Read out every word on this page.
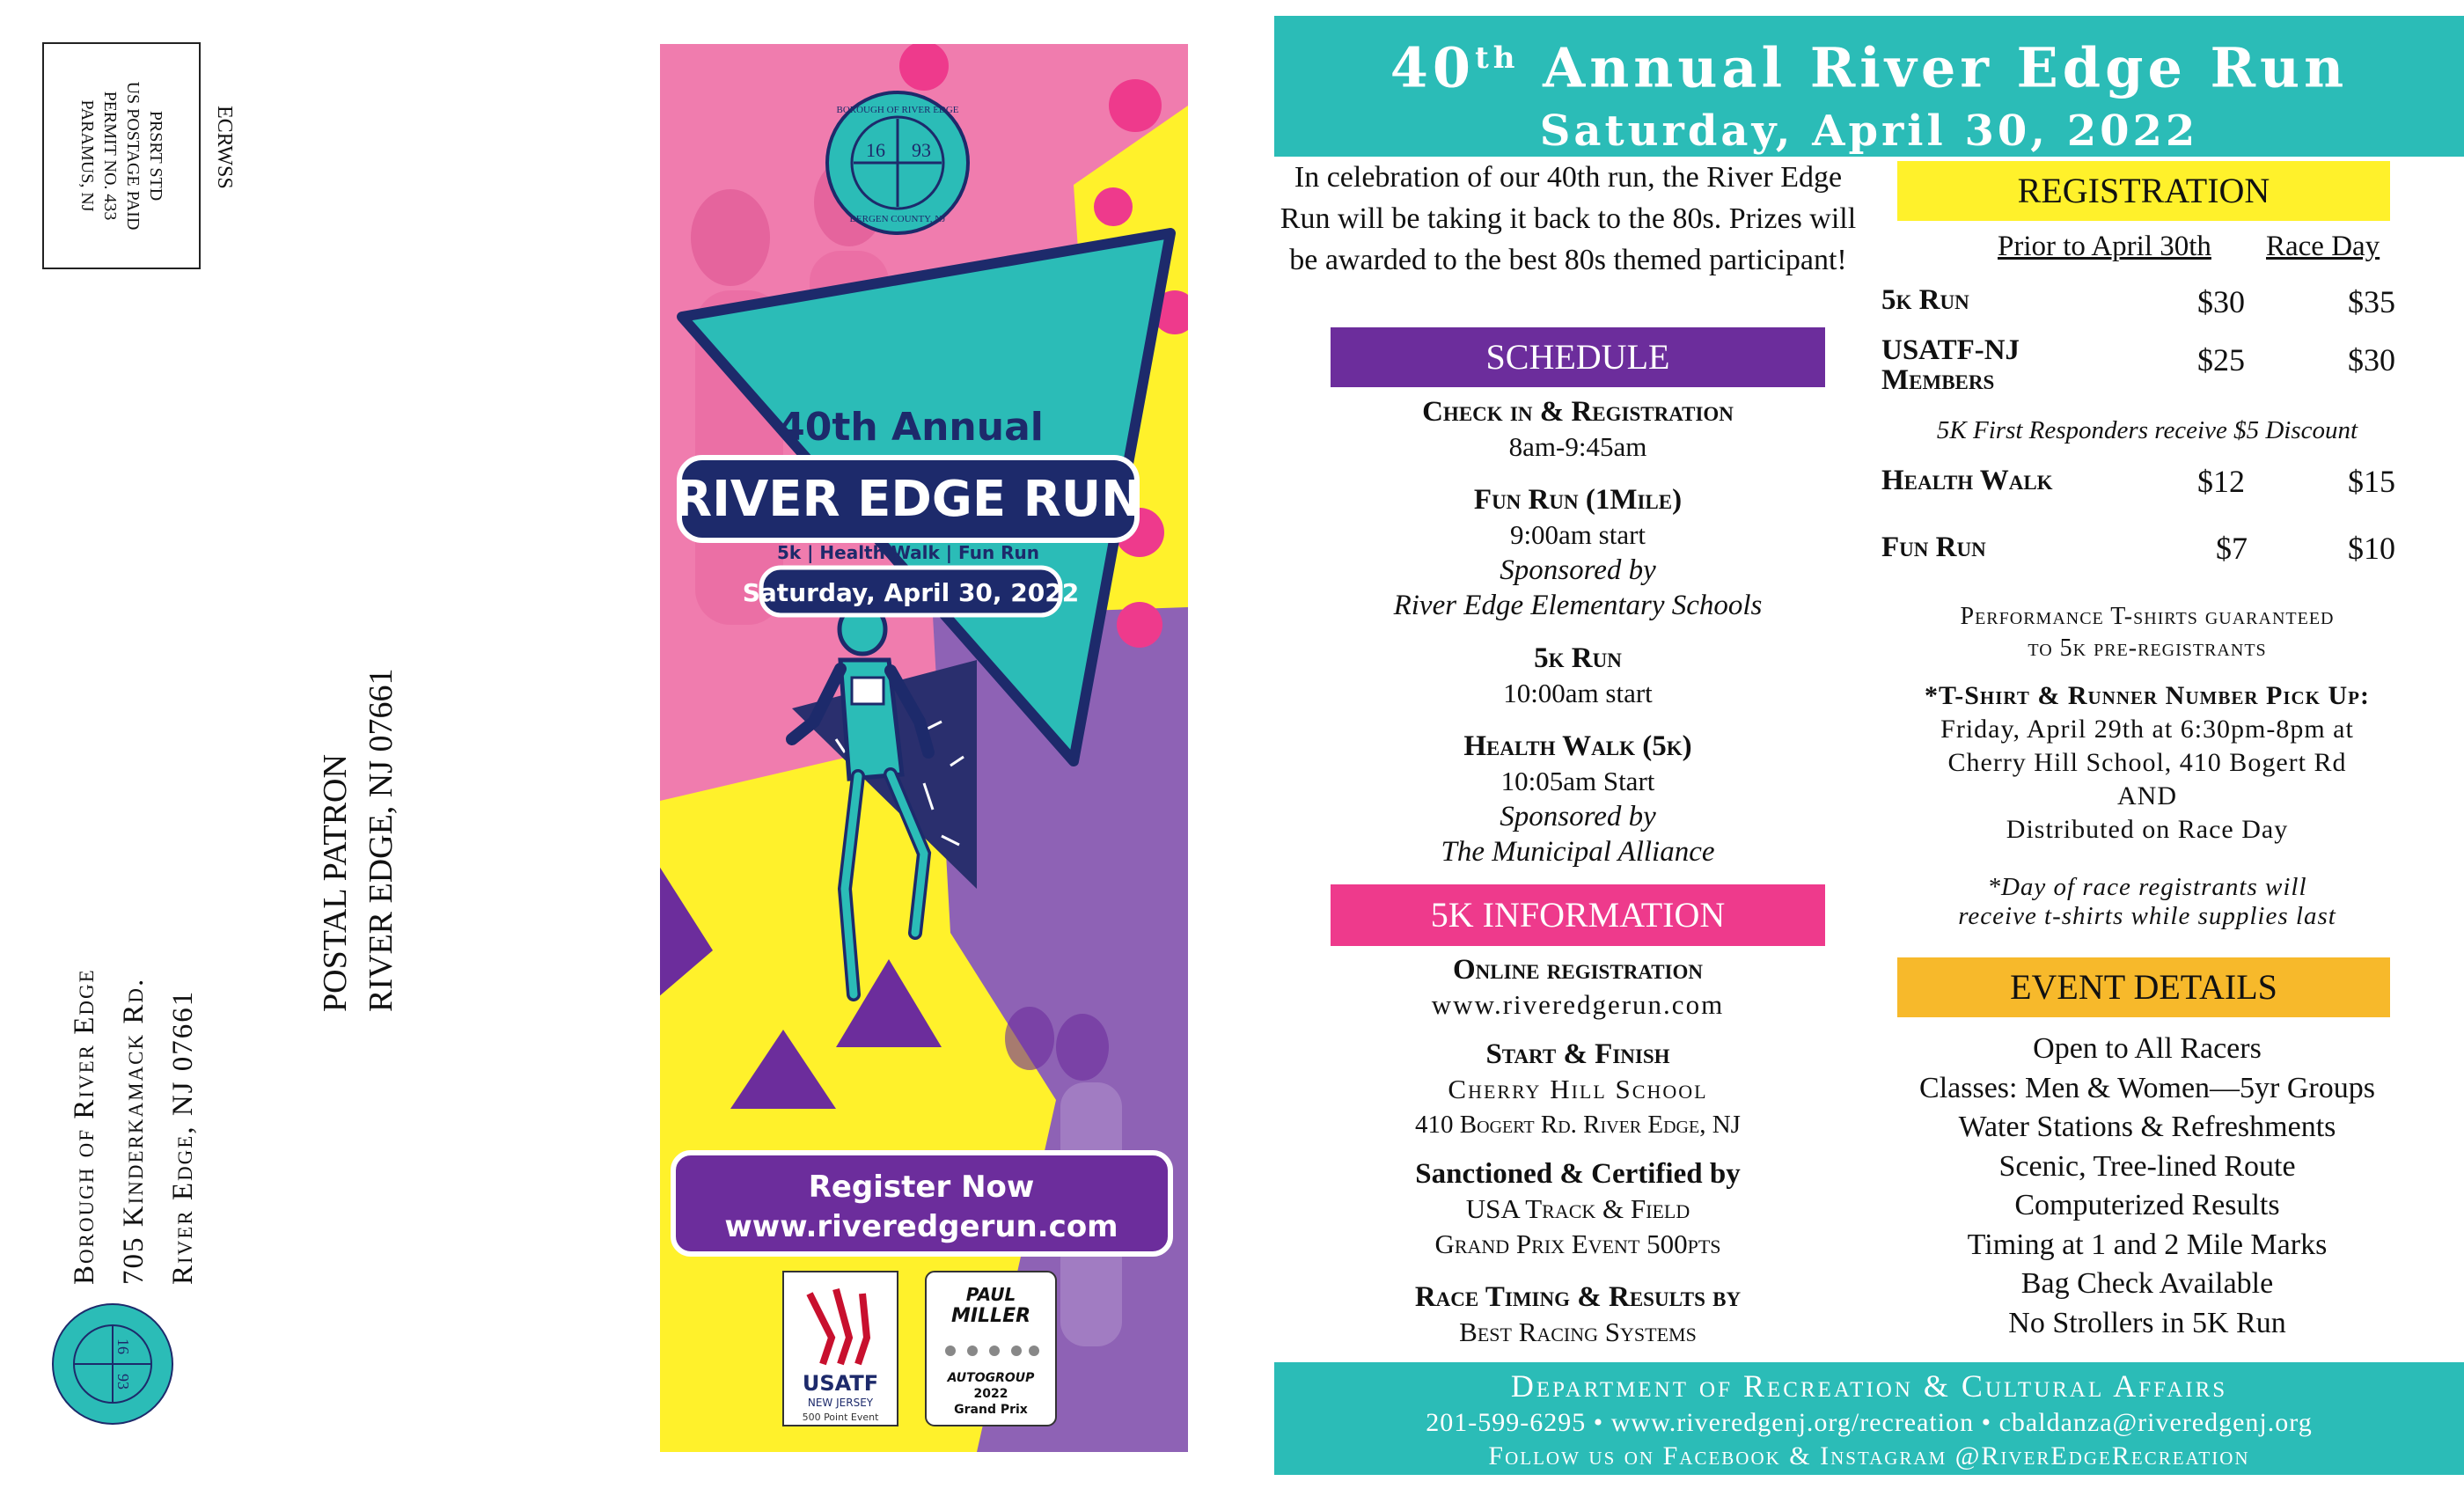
PRSRT STD
US POSTAGE PAID
PERMIT NO. 433
PARAMUS, NJ	ECRWSS
POSTAL PATRON RIVER EDGE, NJ 07661
Borough of River Edge 705 Kinderkamack Rd. River Edge, NJ 07661
16
93
40th Annual
RIVER EDGE RUN
5k | Health Walk | Fun Run
Saturday, April 30, 2022
16 93
BOROUGH OF RIVER EDGE
BERGEN COUNTY, NJ
Register Now
www.riveredgerun.com
USATF
NEW JERSEY
500 Point Event
PAUL
MILLER
AUTOGROUP
2022
Grand Prix
40th Annual River Edge Run
Saturday, April 30, 2022
In celebration of our 40th run, the River Edge Run will be taking it back to the 80s. Prizes will be awarded to the best 80s themed participant!
SCHEDULE
Check in & Registration
8am-9:45am
Fun Run (1Mile)
9:00am start
Sponsored by
River Edge Elementary Schools
5k Run
10:00am start
Health Walk (5k)
10:05am Start
Sponsored by
The Municipal Alliance
5K INFORMATION
Online registration
www.riveredgerun.com
Start & Finish
Cherry Hill School
410 Bogert Rd. River Edge, NJ
Sanctioned & Certified by
USA Track & Field
Grand Prix Event 500pts
Race Timing & Results by
Best Racing Systems
REGISTRATION
Prior to April 30th Race Day
5k Run	$30	$35
USATF-NJ
Members
$25	$30
5K First Responders receive $5 Discount
Health Walk	$12	$15
Fun Run	$7	$10
Performance T-shirts guaranteed
to 5k pre-registrants
*T-Shirt & Runner Number Pick Up:
Friday, April 29th at 6:30pm-8pm at
Cherry Hill School, 410 Bogert Rd
AND
Distributed on Race Day
*Day of race registrants will
receive t-shirts while supplies last
EVENT DETAILS
Open to All Racers
Classes: Men & Women—5yr Groups
Water Stations & Refreshments
Scenic, Tree-lined Route
Computerized Results
Timing at 1 and 2 Mile Marks
Bag Check Available
No Strollers in 5K Run
Department of Recreation & Cultural Affairs
201-599-6295 • www.riveredgenj.org/recreation • cbaldanza@riveredgenj.org
Follow us on Facebook & Instagram @RiverEdgeRecreation
